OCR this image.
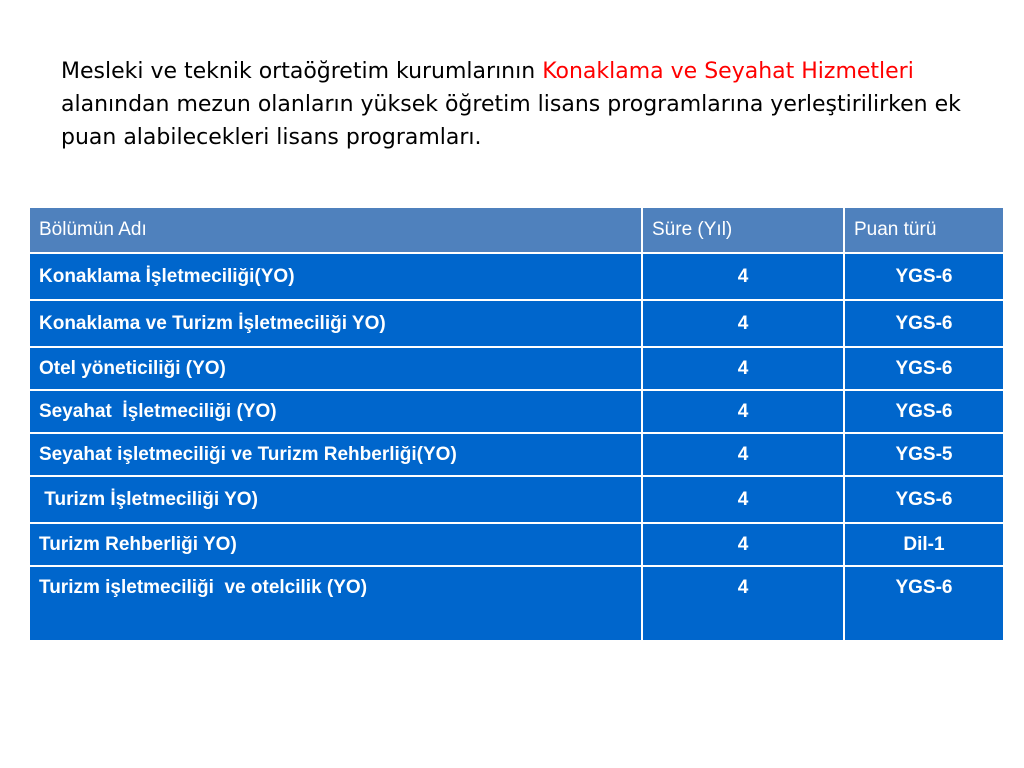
Mesleki ve teknik ortaöğretim kurumlarının Konaklama ve Seyahat Hizmetleri alanından mezun olanların yüksek öğretim lisans programlarına yerleştirilirken ek puan alabilecekleri lisans programları.

Bölümün Adı	Süre (Yıl)	Puan türü
Konaklama İşletmeciliği(YO)	4	YGS-6
Konaklama ve Turizm İşletmeciliği YO)	4	YGS-6
Otel yöneticiliği (YO)	4	YGS-6
Seyahat  İşletmeciliği (YO)	4	YGS-6
Seyahat işletmeciliği ve Turizm Rehberliği(YO)	4	YGS-5
Turizm İşletmeciliği YO)	4	YGS-6
Turizm Rehberliği YO)	4	Dil-1
Turizm işletmeciliği  ve otelcilik (YO)	4	YGS-6
